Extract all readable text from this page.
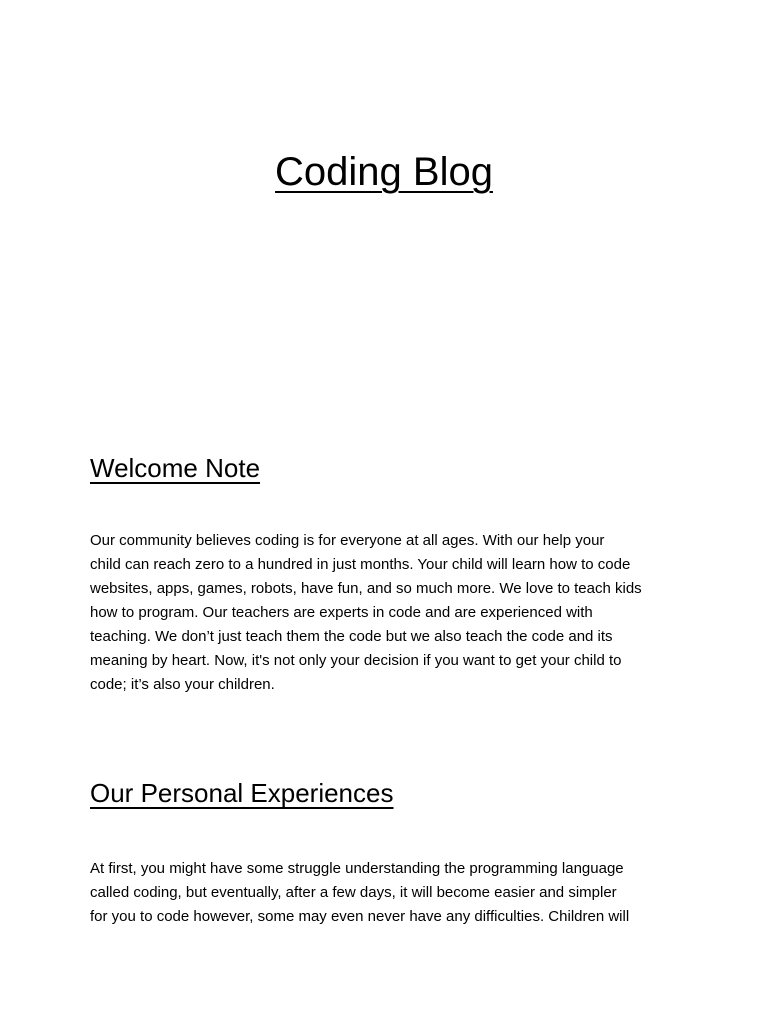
Coding Blog
Welcome Note
Our community believes coding is for everyone at all ages. With our help your
child can reach zero to a hundred in just months. Your child will learn how to code
websites, apps, games, robots, have fun, and so much more. We love to teach kids
how to program. Our teachers are experts in code and are experienced with
teaching. We don’t just teach them the code but we also teach the code and its
meaning by heart. Now, it's not only your decision if you want to get your child to
code; it’s also your children.
Our Personal Experiences
At first, you might have some struggle understanding the programming language
called coding, but eventually, after a few days, it will become easier and simpler
for you to code however, some may even never have any difficulties. Children will
